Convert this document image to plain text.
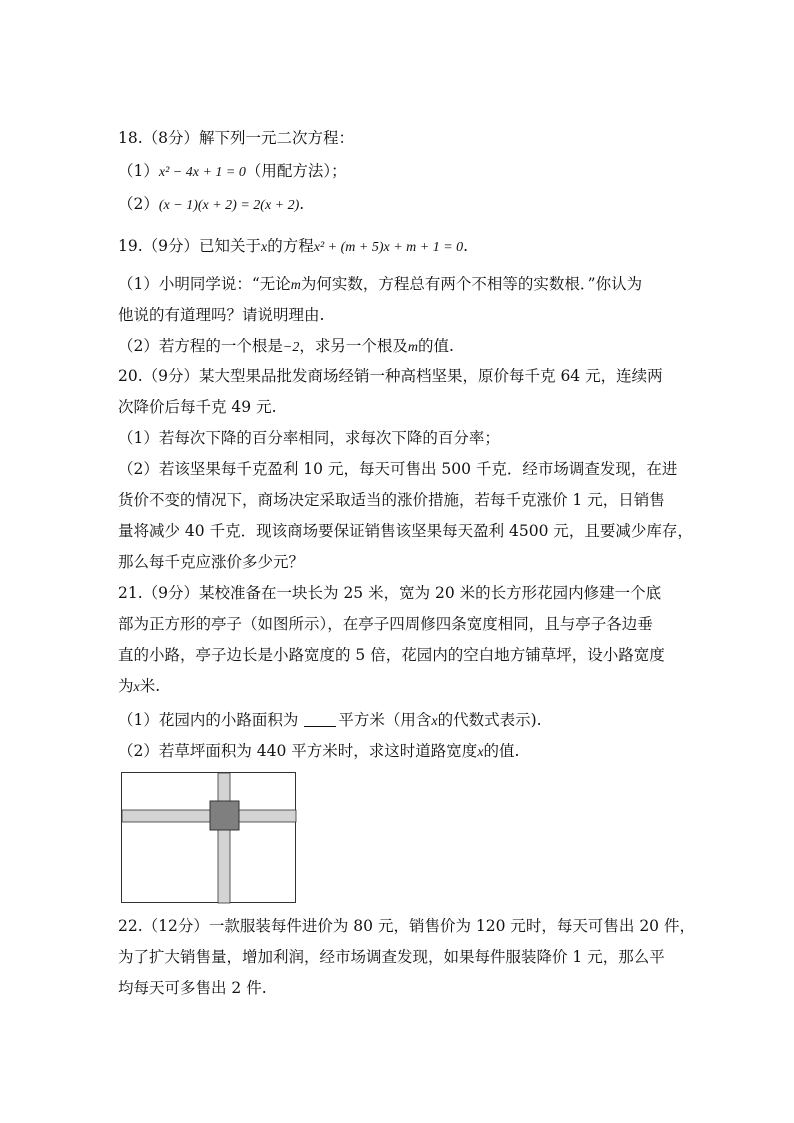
18.（8分）解下列一元二次方程：
（1）x² − 4x + 1 = 0（用配方法）；
（2）(x − 1)(x + 2) = 2(x + 2).
19.（9分）已知关于x的方程x² + (m + 5)x + m + 1 = 0.
（1）小明同学说：“无论m为何实数，方程总有两个不相等的实数根．”你认为
他说的有道理吗？请说明理由.
（2）若方程的一个根是−2，求另一个根及m的值.
20.（9分）某大型果品批发商场经销一种高档坚果，原价每千克 64 元，连续两
次降价后每千克 49 元.
（1）若每次下降的百分率相同，求每次下降的百分率；
（2）若该坚果每千克盈利 10 元，每天可售出 500 千克．经市场调查发现，在进
货价不变的情况下，商场决定采取适当的涨价措施，若每千克涨价 1 元，日销售
量将减少 40 千克．现该商场要保证销售该坚果每天盈利 4500 元，且要减少库存，
那么每千克应涨价多少元？
21.（9分）某校准备在一块长为 25 米，宽为 20 米的长方形花园内修建一个底
部为正方形的亭子（如图所示），在亭子四周修四条宽度相同，且与亭子各边垂
直的小路，亭子边长是小路宽度的 5 倍，花园内的空白地方铺草坪，设小路宽度
为x米.
（1）花园内的小路面积为	平方米（用含x的代数式表示).
（2）若草坪面积为 440 平方米时，求这时道路宽度x的值.
22.（12分）一款服装每件进价为 80 元，销售价为 120 元时，每天可售出 20 件，
为了扩大销售量，增加利润，经市场调查发现，如果每件服装降价 1 元，那么平
均每天可多售出 2 件.
